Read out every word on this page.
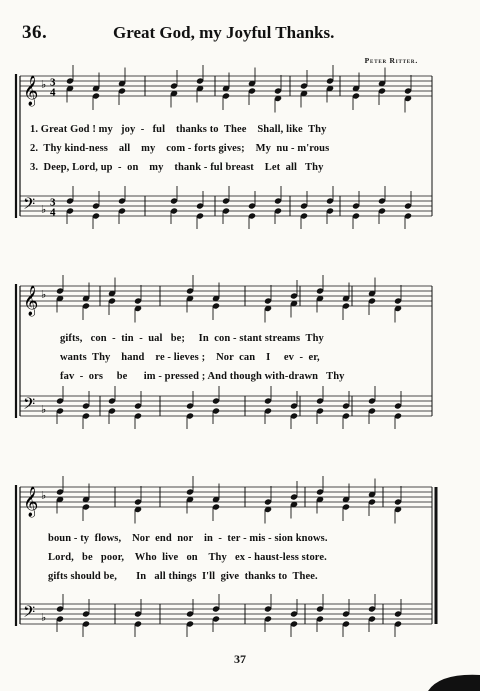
36.	Great God, my Joyful Thanks.
Peter Ritter.
𝄞
𝄢
♭
♭
3
3
4
4
𝄞
𝄢
♭
♭
𝄞
𝄢
♭
♭
1. Great God ! my   joy  -   ful    thanks to  Thee    Shall, like  Thy
2.  Thy kind-ness    all    my    com - forts gives;    My  nu - m'rous
3.  Deep, Lord, up  -  on    my    thank - ful breast    Let  all   Thy
gifts,   con  -  tin  -  ual   be;     In  con - stant streams  Thy
wants  Thy    hand    re - lieves ;    Nor  can    I     ev  -  er,
fav  -  ors     be      im - pressed ; And though with-drawn   Thy
boun - ty  flows,    Nor  end  nor    in  -  ter - mis - sion knows.
Lord,   be   poor,    Who  live   on    Thy   ex - haust-less store.
gifts should be,       In   all things  I'll  give  thanks to  Thee.
37
